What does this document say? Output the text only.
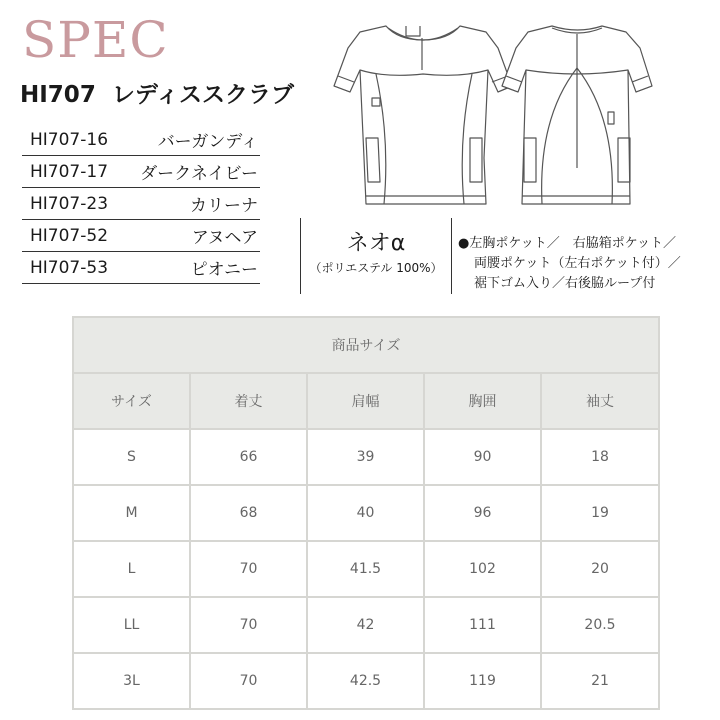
SPEC
HI707 レディススクラブ
HI707-16	バーガンディ
HI707-17 ダークネイビー
HI707-23	カリーナ
HI707-52	アヌヘア
HI707-53	ピオニー
ネオα
（ポリエステル 100%）
●左胸ポケット／　右脇箱ポケット／
両腰ポケット（左右ポケット付）／
裾下ゴム入り／右後脇ループ付
商品サイズ				
サイズ	着丈	肩幅	胸囲	袖丈
S	66	39	90	18
M	68	40	96	19
L	70	41.5	102	20
LL	70	42	111	20.5
3L	70	42.5	119	21
